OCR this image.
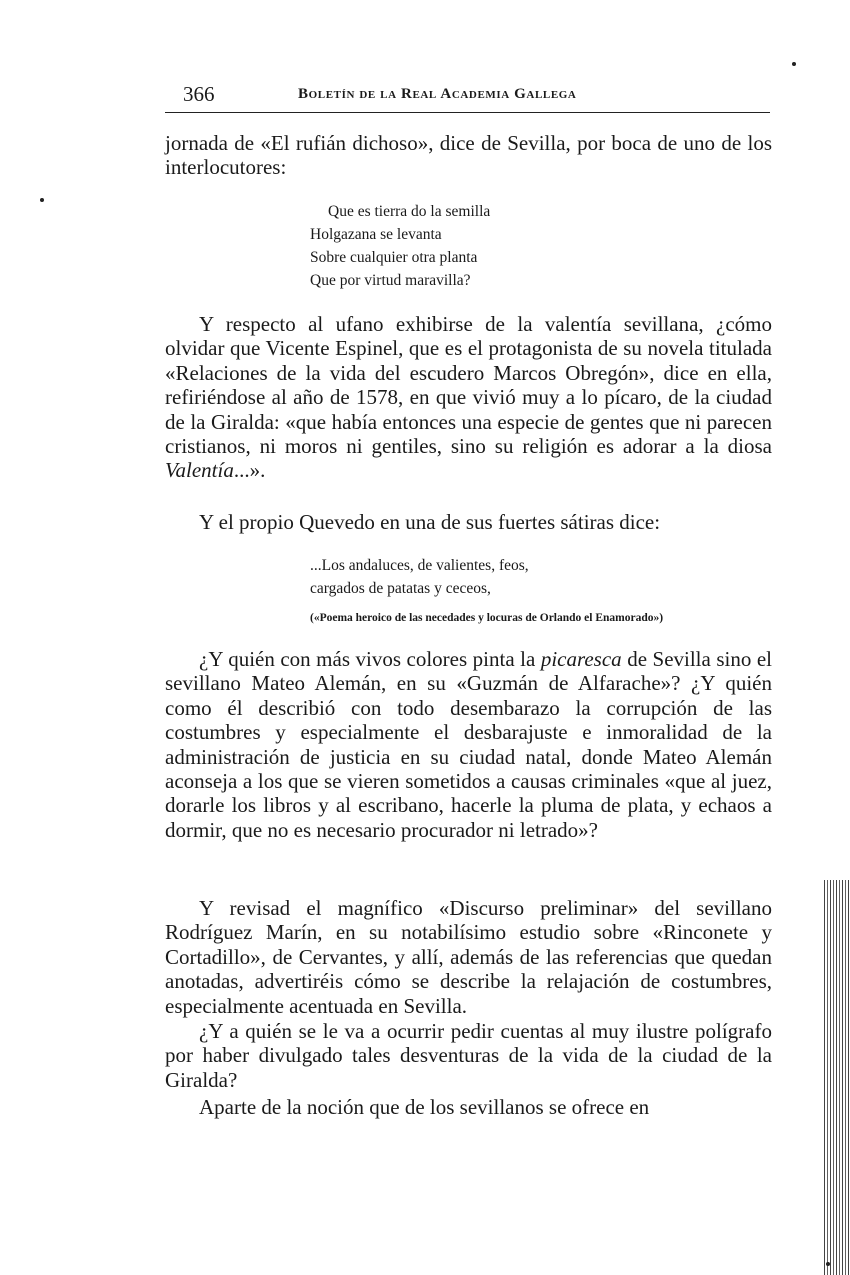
366	Boletín de la Real Academia Gallega

jornada de «El rufián dichoso», dice de Sevilla, por boca de uno de los interlocutores:

Que es tierra do la semilla
Holgazana se levanta
Sobre cualquier otra planta
Que por virtud maravilla?

Y respecto al ufano exhibirse de la valentía sevillana, ¿cómo olvidar que Vicente Espinel, que es el protagonista de su novela titulada «Relaciones de la vida del escudero Marcos Obregón», dice en ella, refiriéndose al año de 1578, en que vivió muy a lo pícaro, de la ciudad de la Giralda: «que había entonces una especie de gentes que ni parecen cristianos, ni moros ni gentiles, sino su religión es adorar a la diosa Valentía...».

Y el propio Quevedo en una de sus fuertes sátiras dice:

...Los andaluces, de valientes, feos,
cargados de patatas y ceceos,

(«Poema heroico de las necedades y locuras de Orlando el Enamorado»)

¿Y quién con más vivos colores pinta la picaresca de Sevilla sino el sevillano Mateo Alemán, en su «Guzmán de Alfarache»? ¿Y quién como él describió con todo desembarazo la corrupción de las costumbres y especialmente el desbarajuste e inmoralidad de la administración de justicia en su ciudad natal, donde Mateo Alemán aconseja a los que se vieren sometidos a causas criminales «que al juez, dorarle los libros y al escribano, hacerle la pluma de plata, y echaos a dormir, que no es necesario procurador ni letrado»?

Y revisad el magnífico «Discurso preliminar» del sevillano Rodríguez Marín, en su notabilísimo estudio sobre «Rinconete y Cortadillo», de Cervantes, y allí, además de las referencias que quedan anotadas, advertiréis cómo se describe la relajación de costumbres, especialmente acentuada en Sevilla.

¿Y a quién se le va a ocurrir pedir cuentas al muy ilustre polígrafo por haber divulgado tales desventuras de la vida de la ciudad de la Giralda?

Aparte de la noción que de los sevillanos se ofrece en
